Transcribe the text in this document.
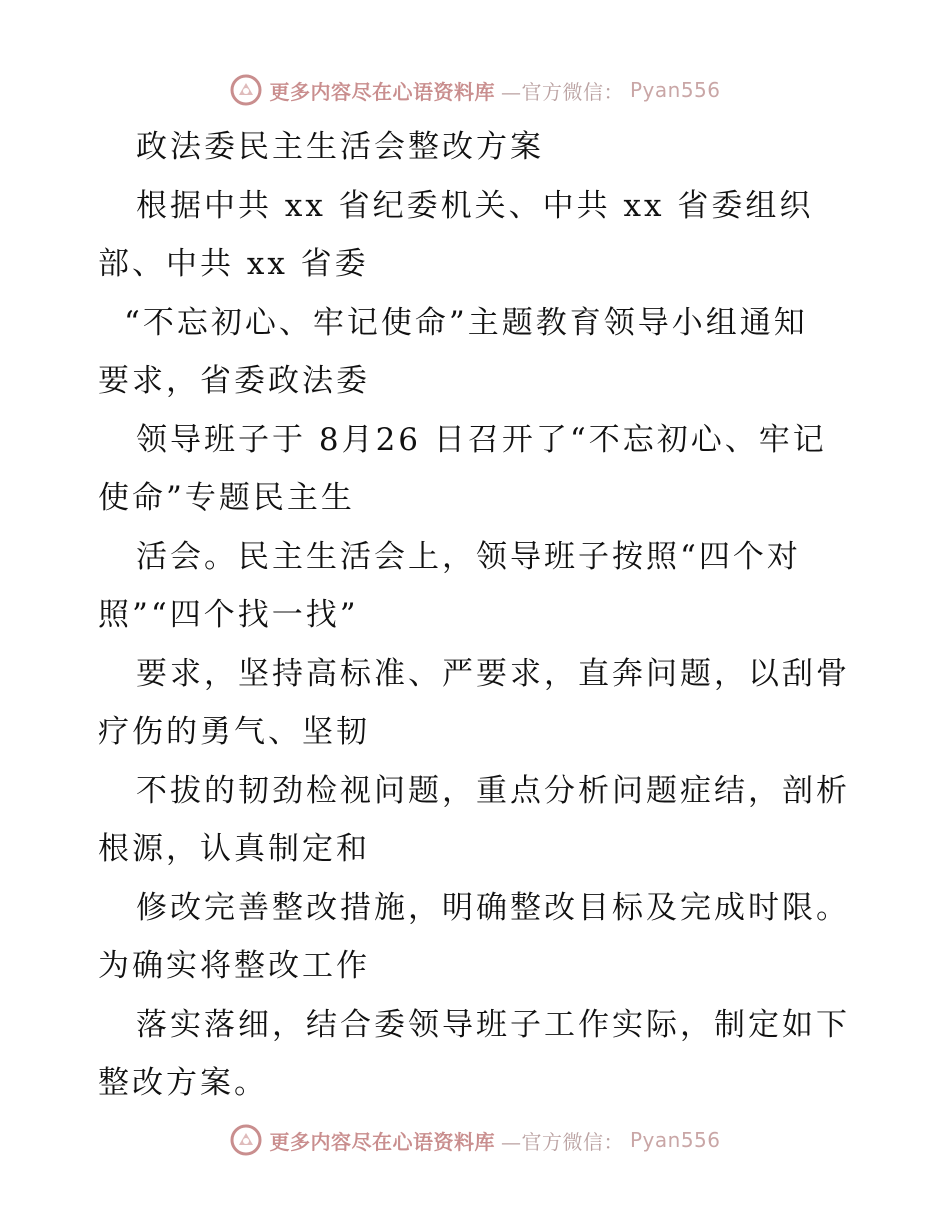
更多内容尽在心语资料库 —官方微信： Pyan556
政法委民主生活会整改方案
根据中共 xx 省纪委机关、中共 xx 省委组织
部、中共 xx 省委
“不忘初心、牢记使命”主题教育领导小组通知
要求，省委政法委
领导班子于 8月26 日召开了“不忘初心、牢记
使命”专题民主生
活会。民主生活会上，领导班子按照“四个对
照”“四个找一找”
要求，坚持高标准、严要求，直奔问题，以刮骨
疗伤的勇气、坚韧
不拔的韧劲检视问题，重点分析问题症结，剖析
根源，认真制定和
修改完善整改措施，明确整改目标及完成时限。
为确实将整改工作
落实落细，结合委领导班子工作实际，制定如下
整改方案。
更多内容尽在心语资料库 —官方微信： Pyan556
